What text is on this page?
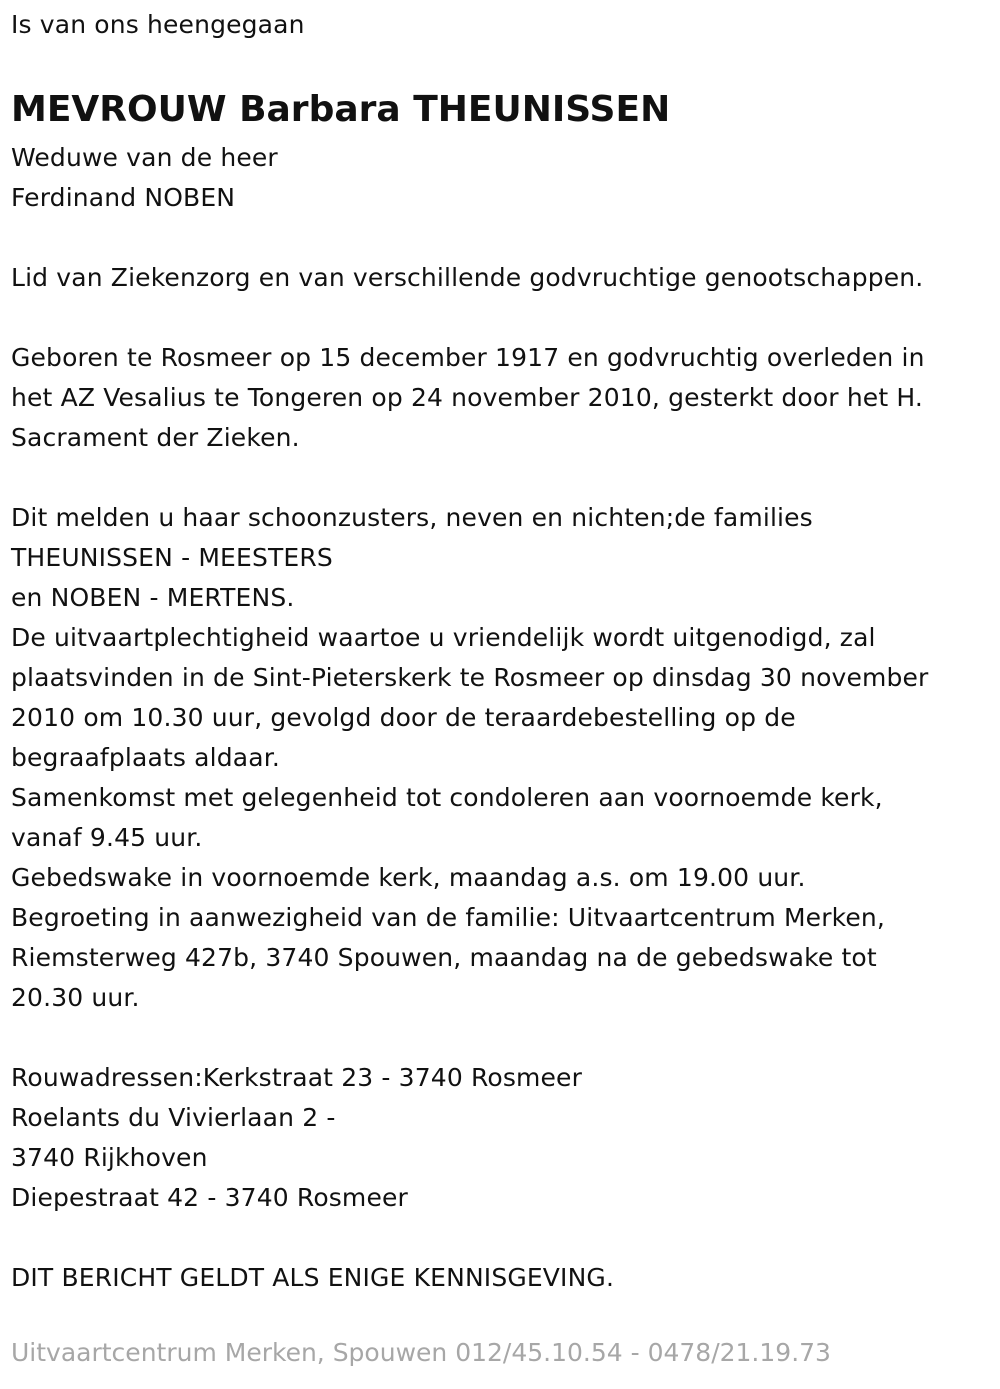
Is van ons heengegaan
MEVROUW Barbara THEUNISSEN
Weduwe van de heer
Ferdinand NOBEN
Lid van Ziekenzorg en van verschillende godvruchtige genootschappen.
Geboren te Rosmeer op 15 december 1917 en godvruchtig overleden in
het AZ Vesalius te Tongeren op 24 november 2010, gesterkt door het H.
Sacrament der Zieken.
Dit melden u haar schoonzusters, neven en nichten;de families
THEUNISSEN - MEESTERS
en NOBEN - MERTENS.
De uitvaartplechtigheid waartoe u vriendelijk wordt uitgenodigd, zal
plaatsvinden in de Sint-Pieterskerk te Rosmeer op dinsdag 30 november
2010 om 10.30 uur, gevolgd door de teraardebestelling op de
begraafplaats aldaar.
Samenkomst met gelegenheid tot condoleren aan voornoemde kerk,
vanaf 9.45 uur.
Gebedswake in voornoemde kerk, maandag a.s. om 19.00 uur.
Begroeting in aanwezigheid van de familie: Uitvaartcentrum Merken,
Riemsterweg 427b, 3740 Spouwen, maandag na de gebedswake tot
20.30 uur.
Rouwadressen:Kerkstraat 23 - 3740 Rosmeer
Roelants du Vivierlaan 2 -
3740 Rijkhoven
Diepestraat 42 - 3740 Rosmeer
DIT BERICHT GELDT ALS ENIGE KENNISGEVING.
Uitvaartcentrum Merken, Spouwen 012/45.10.54 - 0478/21.19.73
